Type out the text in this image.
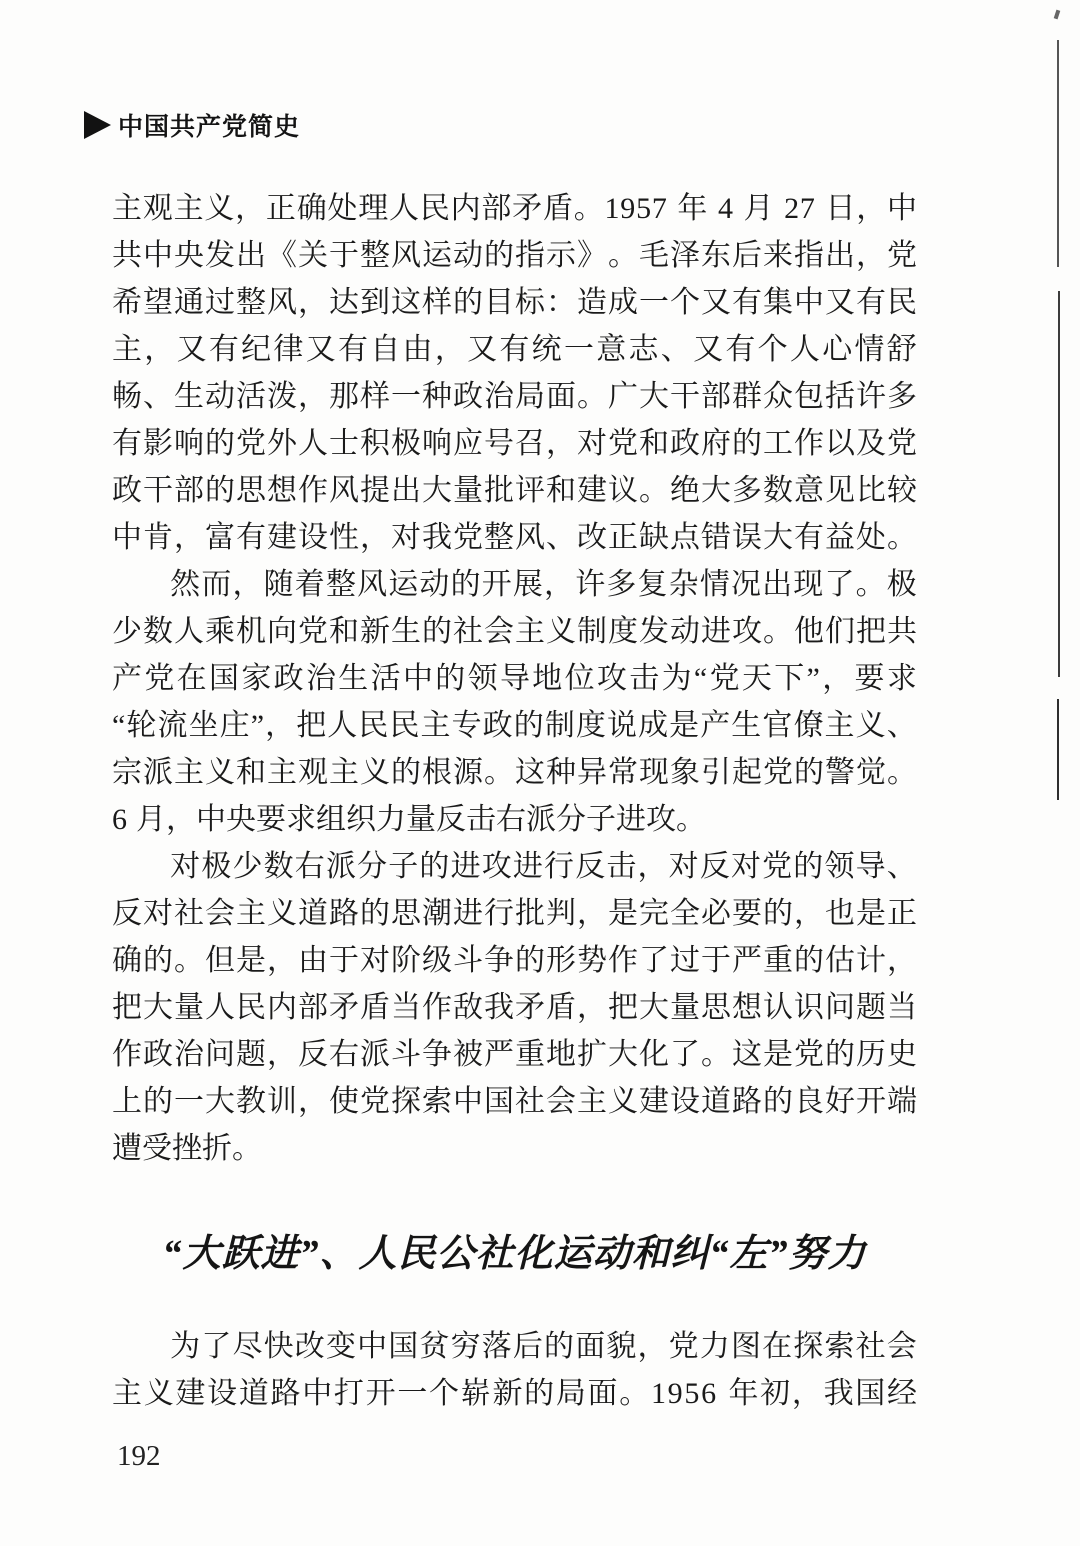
中国共产党简史
主 观 主 义 ， 正 确 处 理 人 民 内 部 矛 盾 。 1 9 5 7
年
4
月
2 7
日 ， 中
共 中 央 发 出 《 关 于 整 风 运 动 的 指 示 》 。 毛 泽 东 后 来 指 出 ， 党
希 望 通 过 整 风 ， 达 到 这 样 的 目 标 ： 造 成 一 个 又 有 集 中 又 有 民
主 ， 又 有 纪 律 又 有 自 由 ， 又 有 统 一 意 志 、 又 有 个 人 心 情 舒
畅 、 生 动 活 泼 ， 那 样 一 种 政 治 局 面 。 广 大 干 部 群 众 包 括 许 多
有 影 响 的 党 外 人 士 积 极 响 应 号 召 ， 对 党 和 政 府 的 工 作 以 及 党
政 干 部 的 思 想 作 风 提 出 大 量 批 评 和 建 议 。 绝 大 多 数 意 见 比 较
中 肯 ， 富 有 建 设 性 ， 对 我 党 整 风 、 改 正 缺 点 错 误 大 有 益 处 。
然 而 ， 随 着 整 风 运 动 的 开 展 ， 许 多 复 杂 情 况 出 现 了 。 极
少 数 人 乘 机 向 党 和 新 生 的 社 会 主 义 制 度 发 动 进 攻 。 他 们 把 共
产 党 在 国 家 政 治 生 活 中 的 领 导 地 位 攻 击 为 “ 党 天 下 ” ， 要 求
“ 轮 流 坐 庄 ” ， 把 人 民 民 主 专 政 的 制 度 说 成 是 产 生 官 僚 主 义 、
宗 派 主 义 和 主 观 主 义 的 根 源 。 这 种 异 常 现 象 引 起 党 的 警 觉 。
6
月 ， 中 央 要 求 组 织 力 量 反 击 右 派 分 子 进 攻 。
对 极 少 数 右 派 分 子 的 进 攻 进 行 反 击 ， 对 反 对 党 的 领 导 、
反 对 社 会 主 义 道 路 的 思 潮 进 行 批 判 ， 是 完 全 必 要 的 ， 也 是 正
确 的 。 但 是 ， 由 于 对 阶 级 斗 争 的 形 势 作 了 过 于 严 重 的 估 计 ，
把 大 量 人 民 内 部 矛 盾 当 作 敌 我 矛 盾 ， 把 大 量 思 想 认 识 问 题 当
作 政 治 问 题 ， 反 右 派 斗 争 被 严 重 地 扩 大 化 了 。 这 是 党 的 历 史
上 的 一 大 教 训 ， 使 党 探 索 中 国 社 会 主 义 建 设 道 路 的 良 好 开 端
遭 受 挫 折 。
“大跃进”、人民公社化运动和纠“左”努力
为 了 尽 快 改 变 中 国 贫 穷 落 后 的 面 貌 ， 党 力 图 在 探 索 社 会
主 义 建 设 道 路 中 打 开 一 个 崭 新 的 局 面 。 1 9 5 6
年 初 ， 我 国 经
192
